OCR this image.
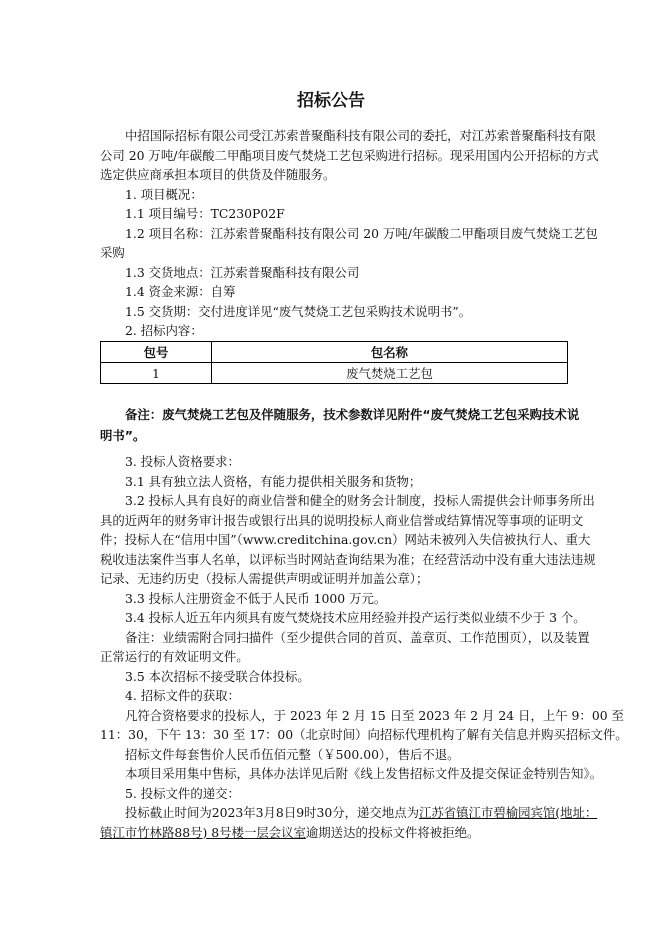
招标公告
中招国际招标有限公司受江苏索普聚酯科技有限公司的委托，对江苏索普聚酯科技有限
公司 20 万吨/年碳酸二甲酯项目废气焚烧工艺包采购进行招标。现采用国内公开招标的方式
选定供应商承担本项目的供货及伴随服务。
1. 项目概况：
1.1 项目编号：TC230P02F
1.2 项目名称：江苏索普聚酯科技有限公司 20 万吨/年碳酸二甲酯项目废气焚烧工艺包
采购
1.3 交货地点：江苏索普聚酯科技有限公司
1.4 资金来源：自筹
1.5 交货期：交付进度详见“废气焚烧工艺包采购技术说明书”。
2. 招标内容：
包号	包名称
1	废气焚烧工艺包
备注：废气焚烧工艺包及伴随服务，技术参数详见附件“废气焚烧工艺包采购技术说
明书”。
3. 投标人资格要求：
3.1 具有独立法人资格，有能力提供相关服务和货物；
3.2 投标人具有良好的商业信誉和健全的财务会计制度，投标人需提供会计师事务所出
具的近两年的财务审计报告或银行出具的说明投标人商业信誉或结算情况等事项的证明文
件；投标人在“信用中国”（www.creditchina.gov.cn）网站未被列入失信被执行人、重大
税收违法案件当事人名单，以评标当时网站查询结果为准；在经营活动中没有重大违法违规
记录、无违约历史（投标人需提供声明或证明并加盖公章）；
3.3 投标人注册资金不低于人民币 1000 万元。
3.4 投标人近五年内须具有废气焚烧技术应用经验并投产运行类似业绩不少于 3 个。
备注：业绩需附合同扫描件（至少提供合同的首页、盖章页、工作范围页），以及装置
正常运行的有效证明文件。
3.5 本次招标不接受联合体投标。
4. 招标文件的获取：
凡符合资格要求的投标人，于 2023 年 2 月 15 日至 2023 年 2 月 24 日，上午 9：00 至
11：30，下午 13：30 至 17：00（北京时间）向招标代理机构了解有关信息并购买招标文件。
招标文件每套售价人民币伍佰元整（￥500.00），售后不退。
本项目采用集中售标，具体办法详见后附《线上发售招标文件及提交保证金特别告知》。
5. 投标文件的递交：
投标截止时间为2023年3月8日9时30分，递交地点为江苏省镇江市碧榆园宾馆(地址：
镇江市竹林路88号) 8号楼一层会议室逾期送达的投标文件将被拒绝。
